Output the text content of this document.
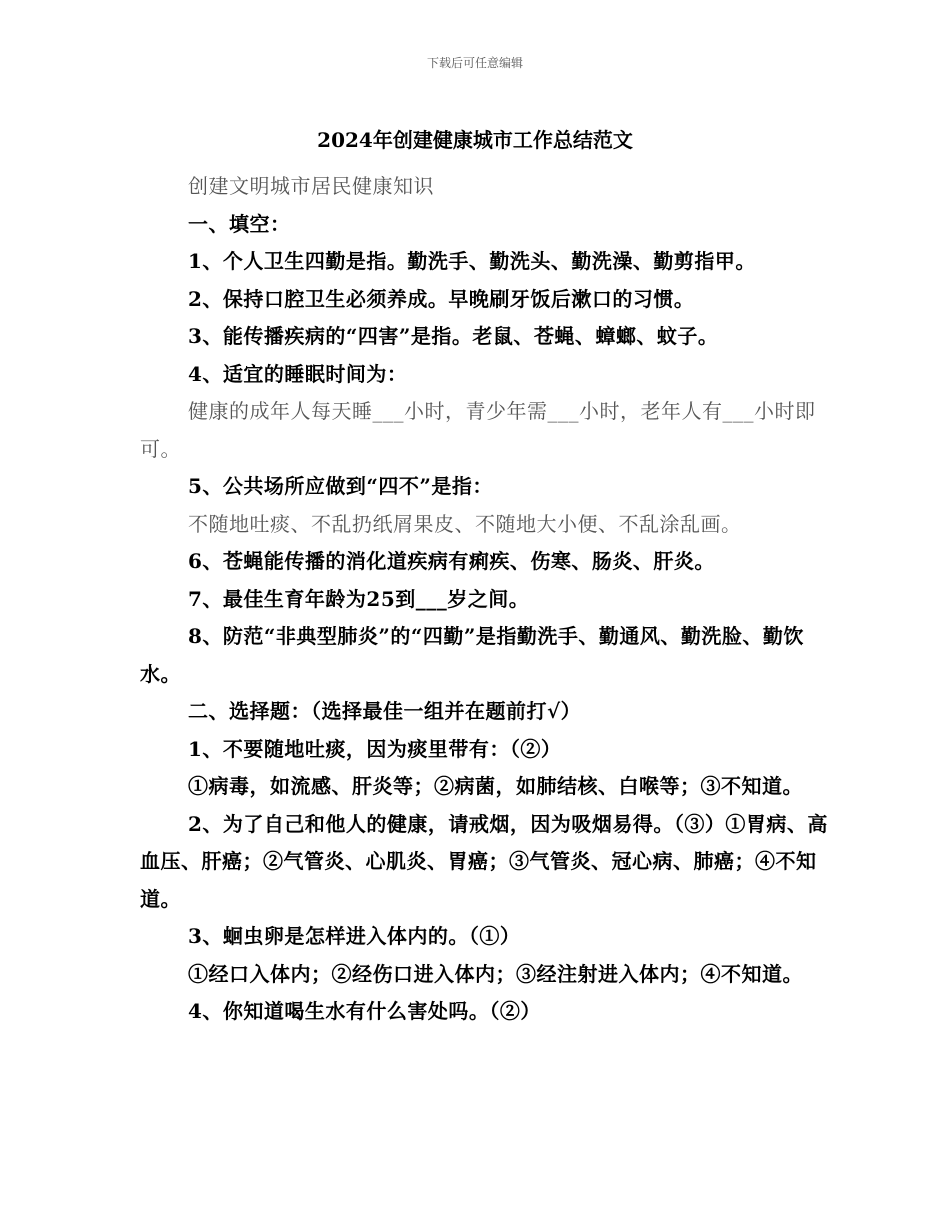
下载后可任意编辑
2024年创建健康城市工作总结范文

创建文明城市居民健康知识

一、填空：

1、个人卫生四勤是指。勤洗手、勤洗头、勤洗澡、勤剪指甲。

2、保持口腔卫生必须养成。早晚刷牙饭后漱口的习惯。

3、能传播疾病的“四害”是指。老鼠、苍蝇、蟑螂、蚊子。

4、适宜的睡眠时间为：

健康的成年人每天睡___小时，青少年需___小时，老年人有___小时即可。

5、公共场所应做到“四不”是指：

不随地吐痰、不乱扔纸屑果皮、不随地大小便、不乱涂乱画。

6、苍蝇能传播的消化道疾病有痢疾、伤寒、肠炎、肝炎。

7、最佳生育年龄为25到___岁之间。

8、防范“非典型肺炎”的“四勤”是指勤洗手、勤通风、勤洗脸、勤饮水。

二、选择题：（选择最佳一组并在题前打√）

1、不要随地吐痰，因为痰里带有：（②）

①病毒，如流感、肝炎等；②病菌，如肺结核、白喉等；③不知道。

2、为了自己和他人的健康，请戒烟，因为吸烟易得。（③）①胃病、高血压、肝癌；②气管炎、心肌炎、胃癌；③气管炎、冠心病、肺癌；④不知道。

3、蛔虫卵是怎样进入体内的。（①）

①经口入体内；②经伤口进入体内；③经注射进入体内；④不知道。

4、你知道喝生水有什么害处吗。（②）
